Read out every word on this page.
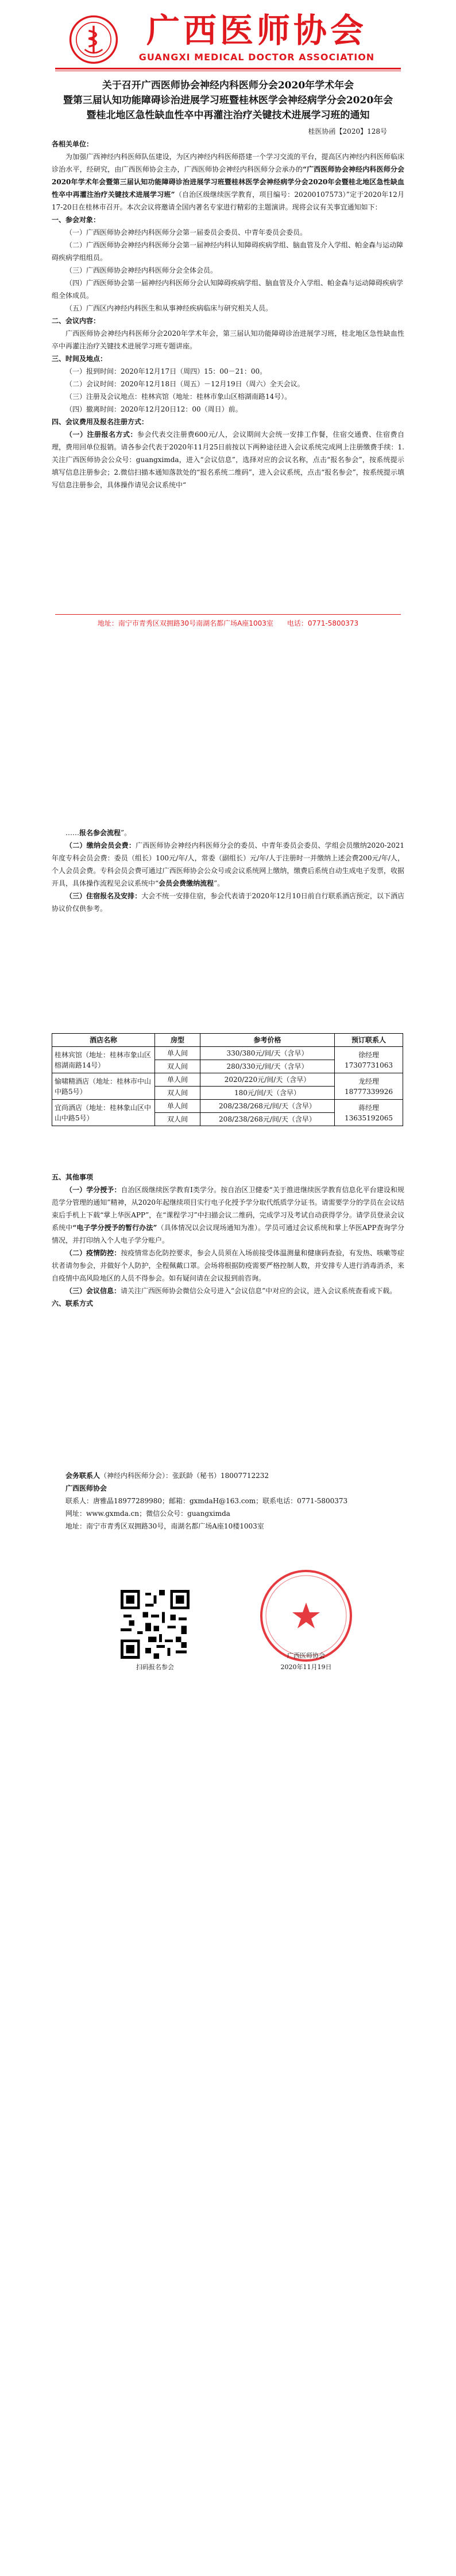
广西医师协会
GUANGXI MEDICAL DOCTOR ASSOCIATION
关于召开广西医师协会神经内科医师分会2020年学术年会
暨第三届认知功能障碍诊治进展学习班暨桂林医学会神经病学分会2020年会
暨桂北地区急性缺血性卒中再灌注治疗关键技术进展学习班的通知
桂医协函【2020】128号

各相关单位：

为加强广西神经内科医师队伍建设，为区内神经内科医师搭建一个学习交流的平台，提高区内神经内科医师临床诊治水平，经研究，由广西医师协会主办，广西医师协会神经内科医师分会承办的“广西医师协会神经内科医师分会2020年学术年会暨第三届认知功能障碍诊治进展学习班暨桂林医学会神经病学分会2020年会暨桂北地区急性缺血性卒中再灌注治疗关键技术进展学习班”（自治区级继续医学教育，项目编号：20200107573）”定于2020年12月17-20日在桂林市召开。本次会议将邀请全国内著名专家进行精彩的主题演讲。现将会议有关事宜通知如下：

一、参会对象：

（一）广西医师协会神经内科医师分会第一届委员会委员、中青年委员会委员。

（二）广西医师协会神经内科医师分会第一届神经内科认知障碍疾病学组、脑血管及介入学组、帕金森与运动障碍疾病学组组员。

（三）广西医师协会神经内科医师分会全体会员。

（四）广西医师协会第一届神经内科医师分会认知障碍疾病学组、脑血管及介入学组、帕金森与运动障碍疾病学组全体成员。

（五）广西区内神经内科医生和从事神经疾病临床与研究相关人员。

二、会议内容：

广西医师协会神经内科医师分会2020年学术年会，第三届认知功能障碍诊治进展学习班，桂北地区急性缺血性卒中再灌注治疗关键技术进展学习班专题讲座。

三、时间及地点：

（一）报到时间：2020年12月17日（周四）15：00－21：00。

（二）会议时间：2020年12月18日（周五）－12月19日（周六）全天会议。

（三）注册及会议地点：桂林宾馆（地址：桂林市象山区榕湖南路14号）。

（四）撤离时间：2020年12月20日12：00（周日）前。

四、会议费用及报名注册方式：

（一）注册报名方式：参会代表交注册费600元/人，会议期间大会统一安排工作餐，住宿交通费、住宿费自理，费用回单位报销。请各参会代表于2020年11月25日前按以下两种途径进入会议系统完成网上注册缴费手续：1.关注广西医师协会公众号：guangximda，进入“会议信息”，选择对应的会议名称，点击“报名参会”，按系统提示填写信息注册参会；2.微信扫描本通知落款处的“报名系统二维码”，进入会议系统，点击“报名参会”，按系统提示填写信息注册参会，具体操作请见会议系统中“

地址：南宁市青秀区双拥路30号南湖名都广场A座1003室　　电话：0771-5800373

……报名参会流程”。

（二）缴纳会员会费：广西医师协会神经内科医师分会的委员、中青年委员会委员、学组会员缴纳2020-2021年度专科会员会费：委员（组长）100元/年/人，常委（副组长）元/年/人于注册时一并缴纳上述会费200元/年/人，个人会员会费。专科会员会费可通过广西医师协会公众号或会议系统网上缴纳，缴费后系统自动生成电子发票，收据开具，具体操作流程见会议系统中“会员会费缴纳流程”。

（三）住宿报名及安排：大会不统一安排住宿，参会代表请于2020年12月10日前自行联系酒店预定，以下酒店协议价仅供参考。

酒店名称	房型	参考价格	预订联系人
桂林宾馆（地址：桂林市象山区榕湖南路14号）	单人间	330/380元/间/天（含早）	徐经理
17307731063

	双人间	280/330元/间/天（含早）	
愉啸精酒店（地址：桂林市中山中路5号）	单人间	2020/220元/间/天（含早）	龙经理
18777339926

	双人间	180元/间/天（含早）	
宜尚酒店（地址：桂林象山区中山中路5号）	单人间	208/238/268元/间/天（含早）	蒋经理
13635192065

	双人间	208/238/268元/间/天（含早）	

五、其他事项

（一）学分授予：自治区级继续医学教育I类学分。按自治区卫健委“关于推进继续医学教育信息化平台建设和规范学分管理的通知”精神，从2020年起继续项目实行电子化授予学分取代纸质学分证书。请需要学分的学员在会议结束后手机上下载“掌上华医APP”，在“课程学习”中扫描会议二维码，完成学习及考试自动获得学分。请学员登录会议系统中“电子学分授予的暂行办法”（具体情况以会议现场通知为准）。学员可通过会议系统和掌上华医APP查询学分情况，并打印纳入个人电子学分账户。

（二）疫情防控：按疫情常态化防控要求，参会人员须在入场前接受体温测量和健康码查验，有发热、咳嗽等症状者请勿参会，并做好个人防护，全程佩戴口罩。会场将根据防疫需要严格控制人数，并安排专人进行消毒消杀，来自疫情中高风险地区的人员不得参会。如有疑问请在会议报到前咨询。

（三）会议信息：请关注广西医师协会微信公众号进入“会议信息”中对应的会议，进入会议系统查看或下载。

六、联系方式

会务联系人（神经内科医师分会）：张跃龄（秘书）18007712232

广西医师协会

联系人：唐雅晶18977289980；邮箱：gxmdaH@163.com；联系电话：0771-5800373

网址：www.gxmda.cn；微信公众号：guangximda

地址：南宁市青秀区双拥路30号，南湖名都广场A座10楼1003室

扫码报名参会
广西医师协会
2020年11月19日
